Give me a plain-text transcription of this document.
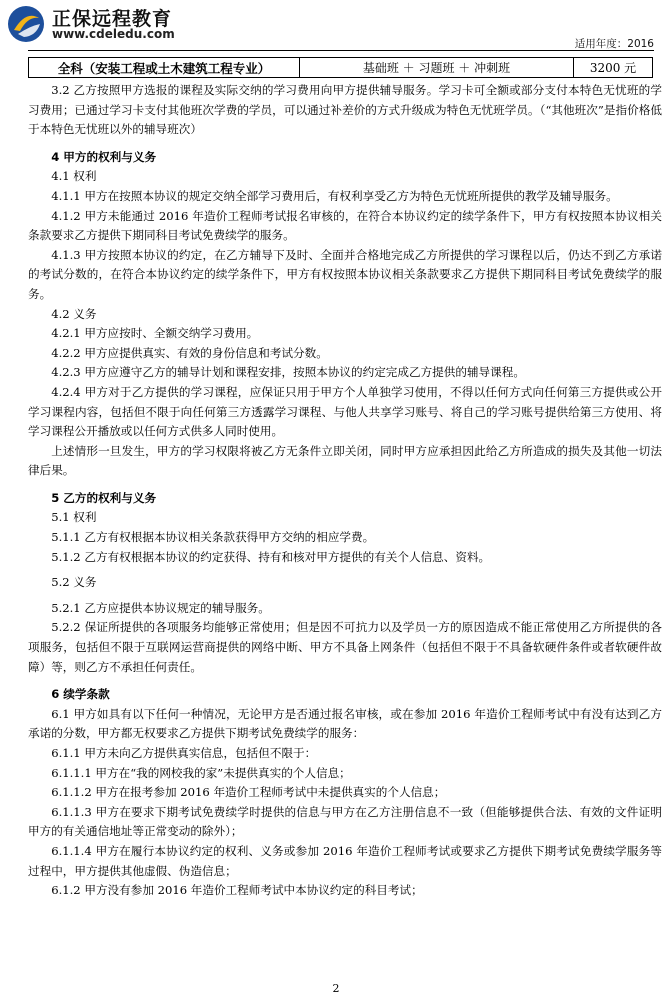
正保远程教育
www.cdeledu.com
适用年度：2016
全科（安装工程或土木建筑工程专业）	基础班 ＋ 习题班 ＋ 冲刺班	3200 元

3.2 乙方按照甲方选报的课程及实际交纳的学习费用向甲方提供辅导服务。学习卡可全额或部分支付本特色无忧班的学习费用；已通过学习卡支付其他班次学费的学员，可以通过补差价的方式升级成为特色无忧班学员。（“其他班次”是指价格低于本特色无忧班以外的辅导班次）

4 甲方的权利与义务

4.1 权利

4.1.1 甲方在按照本协议的规定交纳全部学习费用后，有权利享受乙方为特色无忧班所提供的教学及辅导服务。

4.1.2 甲方未能通过 2016 年造价工程师考试报名审核的，在符合本协议约定的续学条件下，甲方有权按照本协议相关条款要求乙方提供下期同科目考试免费续学的服务。

4.1.3 甲方按照本协议的约定，在乙方辅导下及时、全面并合格地完成乙方所提供的学习课程以后，仍达不到乙方承诺的考试分数的，在符合本协议约定的续学条件下，甲方有权按照本协议相关条款要求乙方提供下期同科目考试免费续学的服务。

4.2 义务

4.2.1 甲方应按时、全额交纳学习费用。

4.2.2 甲方应提供真实、有效的身份信息和考试分数。

4.2.3 甲方应遵守乙方的辅导计划和课程安排，按照本协议的约定完成乙方提供的辅导课程。

4.2.4 甲方对于乙方提供的学习课程，应保证只用于甲方个人单独学习使用，不得以任何方式向任何第三方提供或公开学习课程内容，包括但不限于向任何第三方透露学习课程、与他人共享学习账号、将自己的学习账号提供给第三方使用、将学习课程公开播放或以任何方式供多人同时使用。

上述情形一旦发生，甲方的学习权限将被乙方无条件立即关闭，同时甲方应承担因此给乙方所造成的损失及其他一切法律后果。

5 乙方的权利与义务

5.1 权利

5.1.1 乙方有权根据本协议相关条款获得甲方交纳的相应学费。

5.1.2 乙方有权根据本协议的约定获得、持有和核对甲方提供的有关个人信息、资料。

5.2 义务

5.2.1 乙方应提供本协议规定的辅导服务。

5.2.2 保证所提供的各项服务均能够正常使用；但是因不可抗力以及学员一方的原因造成不能正常使用乙方所提供的各项服务，包括但不限于互联网运营商提供的网络中断、甲方不具备上网条件（包括但不限于不具备软硬件条件或者软硬件故障）等，则乙方不承担任何责任。

6 续学条款

6.1 甲方如具有以下任何一种情况，无论甲方是否通过报名审核，或在参加 2016 年造价工程师考试中有没有达到乙方承诺的分数，甲方都无权要求乙方提供下期考试免费续学的服务：

6.1.1 甲方未向乙方提供真实信息，包括但不限于：

6.1.1.1 甲方在“我的网校我的家”未提供真实的个人信息；

6.1.1.2 甲方在报考参加 2016 年造价工程师考试中未提供真实的个人信息；

6.1.1.3 甲方在要求下期考试免费续学时提供的信息与甲方在乙方注册信息不一致（但能够提供合法、有效的文件证明甲方的有关通信地址等正常变动的除外）；

6.1.1.4 甲方在履行本协议约定的权利、义务或参加 2016 年造价工程师考试或要求乙方提供下期考试免费续学服务等过程中，甲方提供其他虚假、伪造信息；

6.1.2 甲方没有参加 2016 年造价工程师考试中本协议约定的科目考试；

2
